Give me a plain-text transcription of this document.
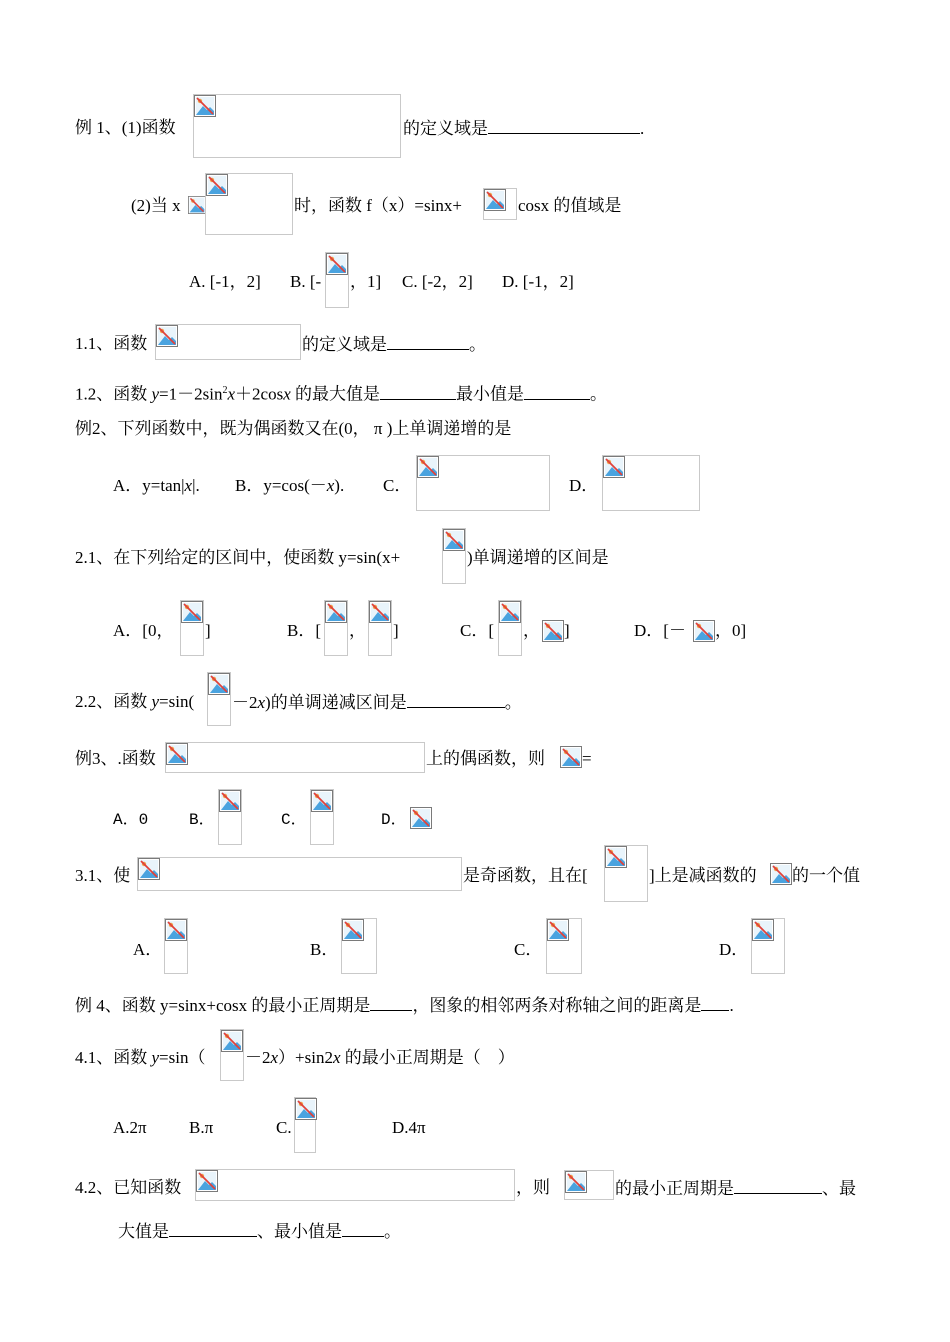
例 1、(1)函数	的定义域是	.
(2)当 x	时，函数 f（x）=sinx+	cosx 的值域是
A. [-1，2] B. [- ，1] C. [-2，2] D. [-1，2]
1.1、函数	的定义域是	。
1.2、函数 $y=1-2\sin^2x+2\cos x$ 的最大值是	最小值是	。
例2、下列函数中，既为偶函数又在(0， π )上单调递增的是
A．y=tan|x|. B．y=cos(－x). C．	D．
2.1、在下列给定的区间中，使函数 y=sin(x+	)单调递增的区间是
A．[0， ]	B．[ ， ]	C．[ ， ]	D．[－ ，0]
2.2、函数 y=sin( －2x)的单调递减区间是	。
例3、.函数	上的偶函数，则 =
A．0	B．	C．	D．
3.1、使	是奇函数，且在[	]上是减函数的 的一个值
A．	B．	C．	D．
例 4、函数 y=sinx+cosx 的最小正周期是 ，图象的相邻两条对称轴之间的距离是 .
4.1、函数 y=sin（ －2x）+sin2x 的最小正周期是（　）
A.2π B.π	C.	D.4π
4.2、已知函数	，则	的最小正周期是	、最
大值是	、最小值是 。
